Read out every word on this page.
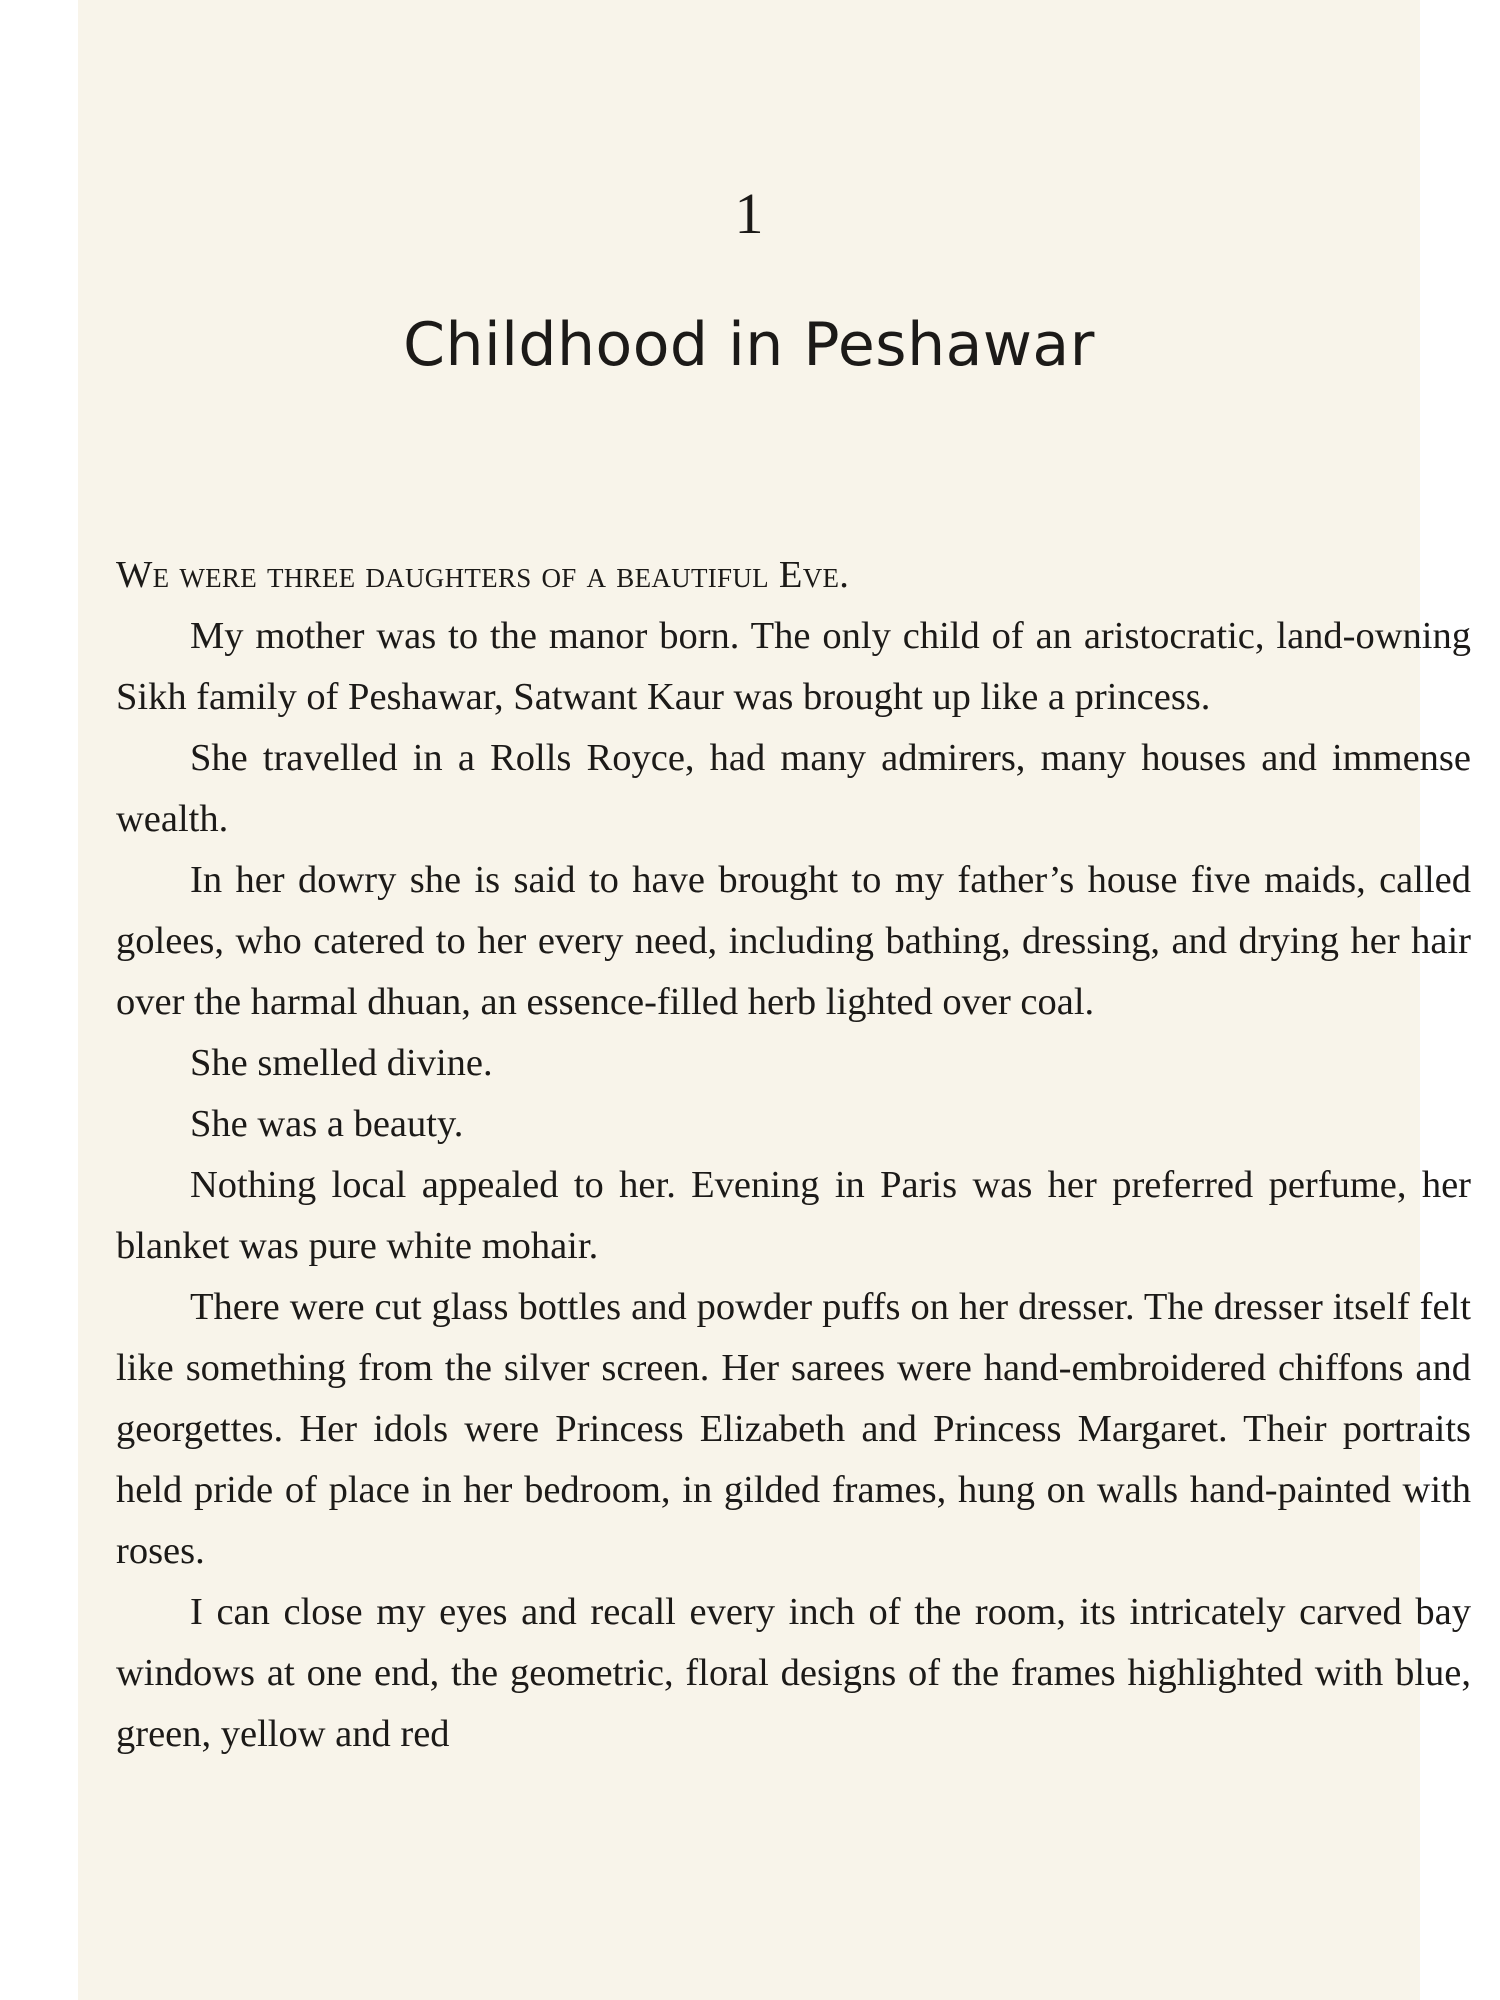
1
Childhood in Peshawar

We were three daughters of a beautiful Eve.

My mother was to the manor born. The only child of an aristocratic, land-owning Sikh family of Peshawar, Satwant Kaur was brought up like a princess.

She travelled in a Rolls Royce, had many admirers, many houses and immense wealth.

In her dowry she is said to have brought to my father’s house five maids, called golees, who catered to her every need, including bathing, dressing, and drying her hair over the harmal dhuan, an essence-filled herb lighted over coal.

She smelled divine.

She was a beauty.

Nothing local appealed to her. Evening in Paris was her preferred perfume, her blanket was pure white mohair.

There were cut glass bottles and powder puffs on her dresser. The dresser itself felt like something from the silver screen. Her sarees were hand-embroidered chiffons and georgettes. Her idols were Princess Elizabeth and Princess Margaret. Their portraits held pride of place in her bedroom, in gilded frames, hung on walls hand-painted with roses.

I can close my eyes and recall every inch of the room, its intricately carved bay windows at one end, the geometric, floral designs of the frames highlighted with blue, green, yellow and red
